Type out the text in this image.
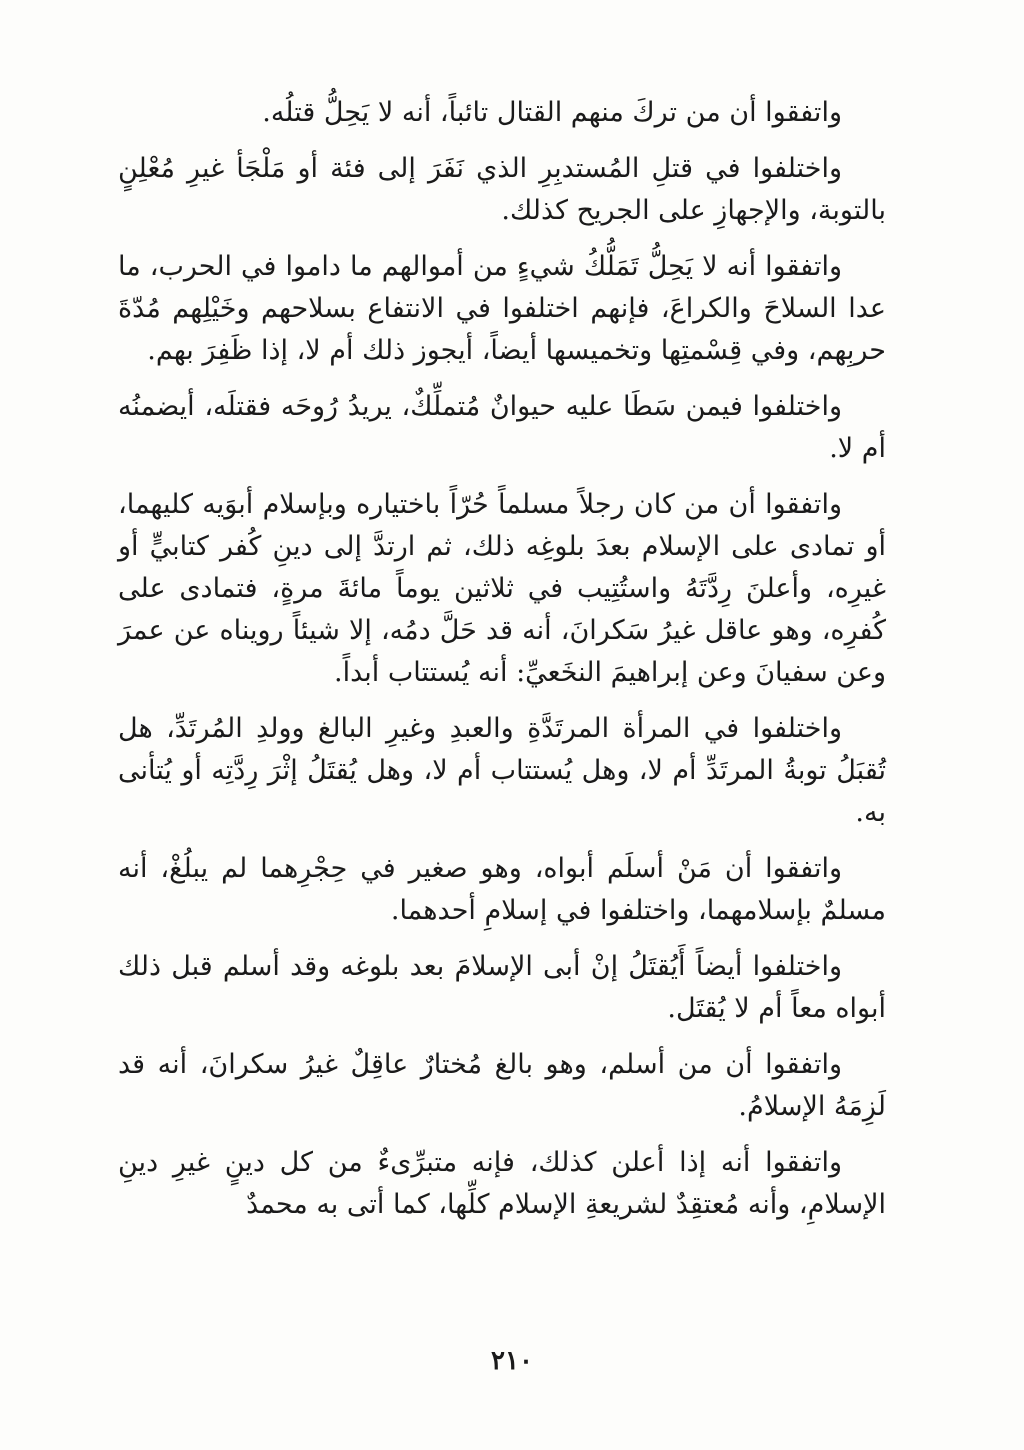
واتفقوا أن من تركَ منهم القتال تائباً، أنه لا يَحِلُّ قتلُه.

واختلفوا في قتلِ المُستدبِرِ الذي نَفَرَ إلى فئة أو مَلْجَأ غيرِ مُعْلِنٍ بالتوبة، والإجهازِ على الجريح كذلك.

واتفقوا أنه لا يَحِلُّ تَمَلُّكُ شيءٍ من أموالهم ما داموا في الحرب، ما عدا السلاحَ والكراعَ، فإنهم اختلفوا في الانتفاع بسلاحهم وخَيْلِهم مُدّةَ حربِهم، وفي قِسْمتِها وتخميسها أيضاً، أيجوز ذلك أم لا، إذا ظَفِرَ بهم.

واختلفوا فيمن سَطَا عليه حيوانٌ مُتملِّكٌ، يريدُ رُوحَه فقتلَه، أيضمنُه أم لا.

واتفقوا أن من كان رجلاً مسلماً حُرّاً باختياره وبإسلام أبوَيه كليهما، أو تمادى على الإسلام بعدَ بلوغِه ذلك، ثم ارتدَّ إلى دينِ كُفر كتابيٍّ أو غيرِه، وأعلنَ رِدَّتَهُ واستُتِيب في ثلاثين يوماً مائةَ مرةٍ، فتمادى على كُفرِه، وهو عاقل غيرُ سَكرانَ، أنه قد حَلَّ دمُه، إلا شيئاً رويناه عن عمرَ وعن سفيانَ وعن إبراهيمَ النخَعيِّ: أنه يُستتاب أبداً.

واختلفوا في المرأة المرتَدَّةِ والعبدِ وغيرِ البالغ وولدِ المُرتَدِّ، هل تُقبَلُ توبةُ المرتَدِّ أم لا، وهل يُستتاب أم لا، وهل يُقتَلُ إثْرَ رِدَّتِه أو يُتأنى به.

واتفقوا أن مَنْ أسلَم أبواه، وهو صغير في حِجْرِهما لم يبلُغْ، أنه مسلمٌ بإسلامهما، واختلفوا في إسلامِ أحدهما.

واختلفوا أيضاً أَيُقتَلُ إنْ أبى الإسلامَ بعد بلوغه وقد أسلم قبل ذلك أبواه معاً أم لا يُقتَل.

واتفقوا أن من أسلم، وهو بالغ مُختارٌ عاقِلٌ غيرُ سكرانَ، أنه قد لَزِمَهُ الإسلامُ.

واتفقوا أنه إذا أعلن كذلك، فإنه متبرِّىءٌ من كل دينٍ غيرِ دينِ الإسلامِ، وأنه مُعتقِدٌ لشريعةِ الإسلام كلِّها، كما أتى به محمدٌ

٢١٠
